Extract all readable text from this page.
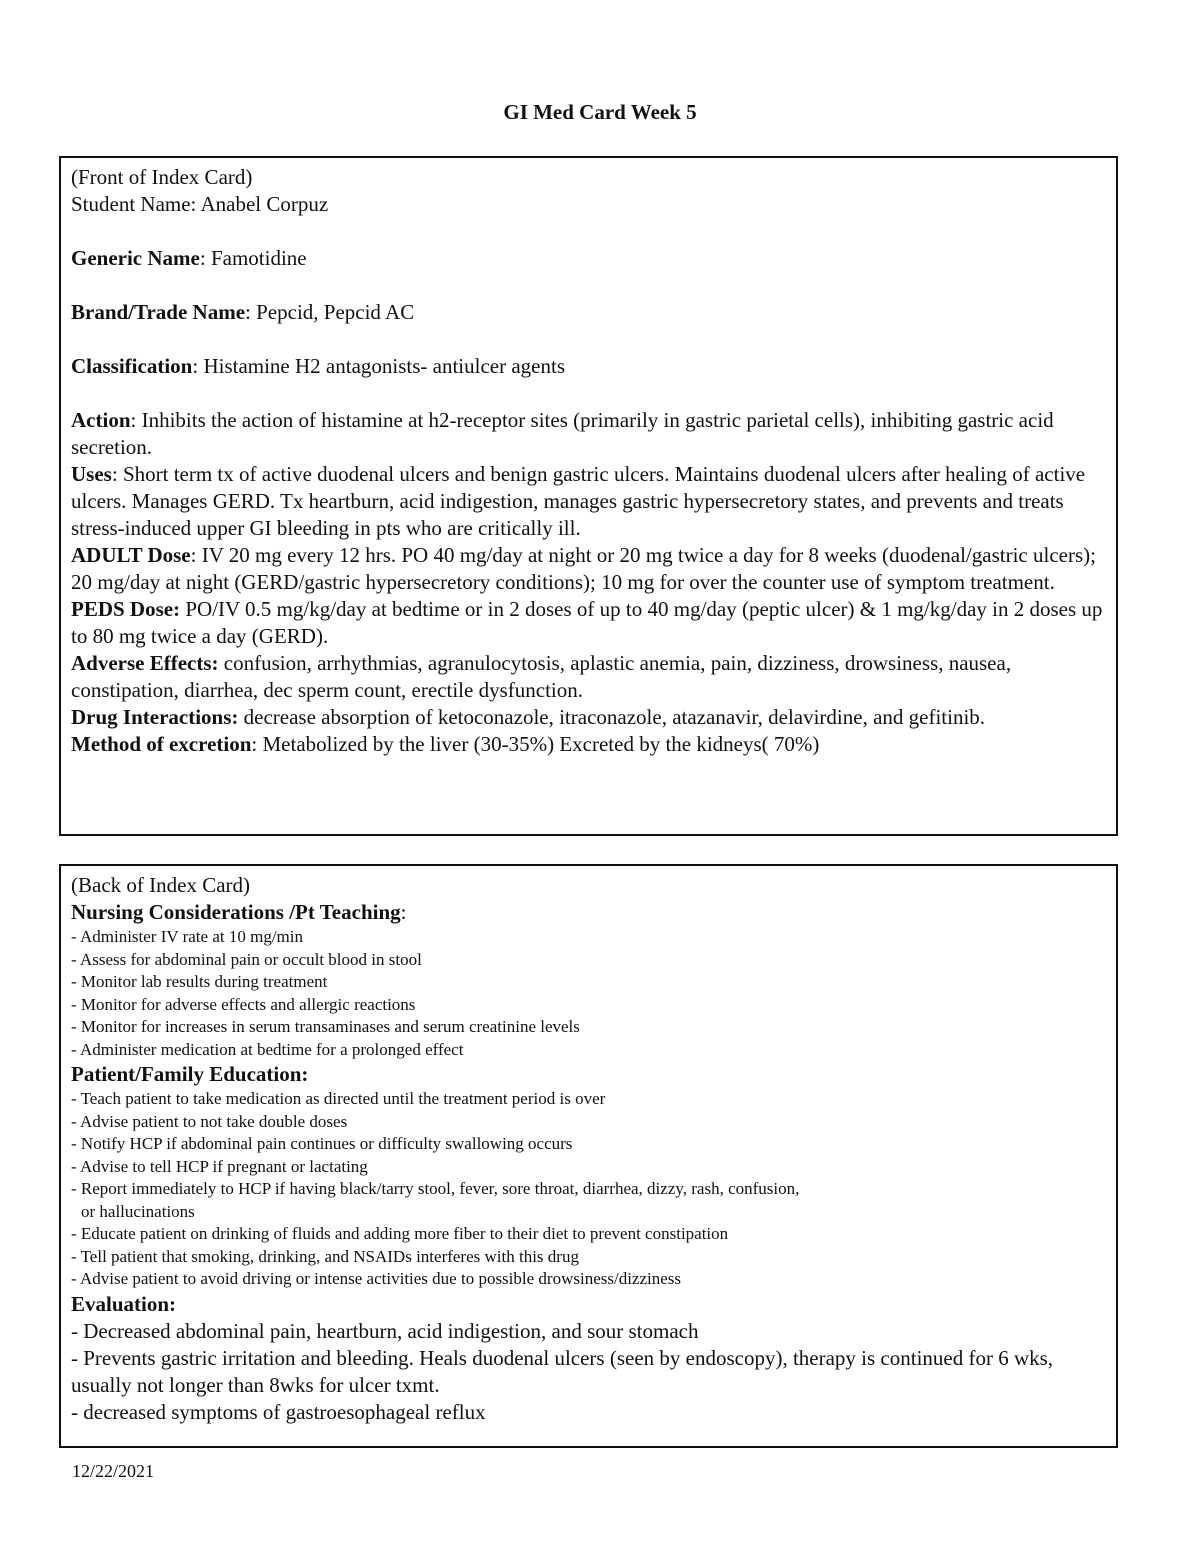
GI Med Card Week 5

(Front of Index Card)

Student Name: Anabel Corpuz

Generic Name: Famotidine

Brand/Trade Name: Pepcid, Pepcid AC

Classification: Histamine H2 antagonists- antiulcer agents

Action: Inhibits the action of histamine at h2-receptor sites (primarily in gastric parietal cells), inhibiting gastric acid secretion.

Uses: Short term tx of active duodenal ulcers and benign gastric ulcers. Maintains duodenal ulcers after healing of active ulcers. Manages GERD. Tx heartburn, acid indigestion, manages gastric hypersecretory states, and prevents and treats stress-induced upper GI bleeding in pts who are critically ill.

ADULT Dose: IV 20 mg every 12 hrs. PO 40 mg/day at night or 20 mg twice a day for 8 weeks (duodenal/gastric ulcers); 20 mg/day at night (GERD/gastric hypersecretory conditions); 10 mg for over the counter use of symptom treatment.

PEDS Dose: PO/IV 0.5 mg/kg/day at bedtime or in 2 doses of up to 40 mg/day (peptic ulcer) & 1 mg/kg/day in 2 doses up to 80 mg twice a day (GERD).

Adverse Effects: confusion, arrhythmias, agranulocytosis, aplastic anemia, pain, dizziness, drowsiness, nausea, constipation, diarrhea, dec sperm count, erectile dysfunction.

Drug Interactions: decrease absorption of ketoconazole, itraconazole, atazanavir, delavirdine, and gefitinib.

Method of excretion: Metabolized by the liver (30-35%) Excreted by the kidneys( 70%)

(Back of Index Card)

Nursing Considerations /Pt Teaching:

- Administer IV rate at 10 mg/min
- Assess for abdominal pain or occult blood in stool
- Monitor lab results during treatment
- Monitor for adverse effects and allergic reactions
- Monitor for increases in serum transaminases and serum creatinine levels
- Administer medication at bedtime for a prolonged effect

Patient/Family Education:

- Teach patient to take medication as directed until the treatment period is over
- Advise patient to not take double doses
- Notify HCP if abdominal pain continues or difficulty swallowing occurs
- Advise to tell HCP if pregnant or lactating
- Report immediately to HCP if having black/tarry stool, fever, sore throat, diarrhea, dizzy, rash, confusion,
or hallucinations
- Educate patient on drinking of fluids and adding more fiber to their diet to prevent constipation
- Tell patient that smoking, drinking, and NSAIDs interferes with this drug
- Advise patient to avoid driving or intense activities due to possible drowsiness/dizziness

Evaluation:

- Decreased abdominal pain, heartburn, acid indigestion, and sour stomach
- Prevents gastric irritation and bleeding. Heals duodenal ulcers (seen by endoscopy), therapy is continued for 6 wks, usually not longer than 8wks for ulcer txmt.
- decreased symptoms of gastroesophageal reflux
12/22/2021
